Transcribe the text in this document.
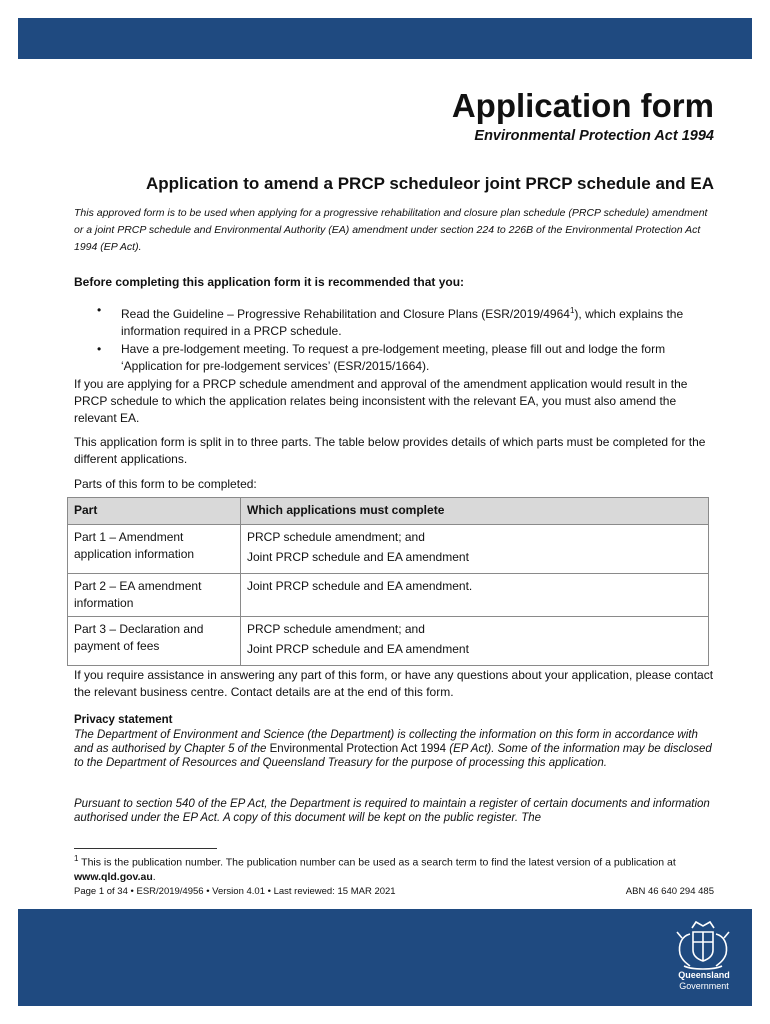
Application form

Environmental Protection Act 1994

Application to amend a PRCP scheduleor joint PRCP schedule and EA

This approved form is to be used when applying for a progressive rehabilitation and closure plan schedule (PRCP schedule) amendment or a joint PRCP schedule and Environmental Authority (EA) amendment under section 224 to 226B of the Environmental Protection Act 1994 (EP Act).

Before completing this application form it is recommended that you:

• Read the Guideline – Progressive Rehabilitation and Closure Plans (ESR/2019/4964$^1$), which explains the information required in a PRCP schedule.
• Have a pre-lodgement meeting. To request a pre-lodgement meeting, please fill out and lodge the form ‘Application for pre-lodgement services’ (ESR/2015/1664).

If you are applying for a PRCP schedule amendment and approval of the amendment application would result in the PRCP schedule to which the application relates being inconsistent with the relevant EA, you must also amend the relevant EA.

This application form is split in to three parts. The table below provides details of which parts must be completed for the different applications.

Parts of this form to be completed:

Part	Which applications must complete
Part 1 – Amendment application information	PRCP schedule amendment; and
Joint PRCP schedule and EA amendment

Part 2 – EA amendment information	Joint PRCP schedule and EA amendment.

Part 3 – Declaration and payment of fees	PRCP schedule amendment; and
Joint PRCP schedule and EA amendment

If you require assistance in answering any part of this form, or have any questions about your application, please contact the relevant business centre. Contact details are at the end of this form.

Privacy statement

The Department of Environment and Science (the Department) is collecting the information on this form in accordance with and as authorised by Chapter 5 of the Environmental Protection Act 1994 (EP Act). Some of the information may be disclosed to the Department of Resources and Queensland Treasury for the purpose of processing this application.

Pursuant to section 540 of the EP Act, the Department is required to maintain a register of certain documents and information authorised under the EP Act. A copy of this document will be kept on the public register. The

$^1$ This is the publication number. The publication number can be used as a search term to find the latest version of a publication at www.qld.gov.au.

Page 1 of 34 • ESR/2019/4956 • Version 4.01 • Last reviewed: 15 MAR 2021	ABN 46 640 294 485

Queensland
Government
